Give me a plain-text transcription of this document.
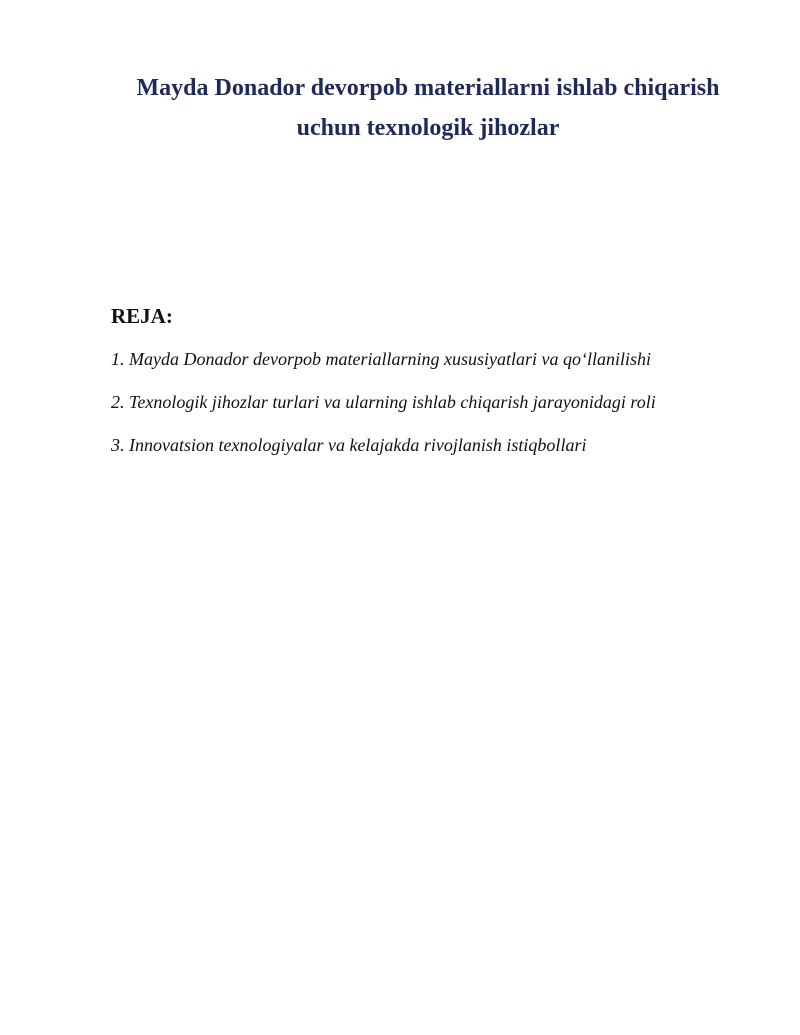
Mayda Donador devorpob materiallarni ishlab chiqarish
uchun texnologik jihozlar
REJA:
1. Mayda Donador devorpob materiallarning xususiyatlari va qo‘llanilishi
2. Texnologik jihozlar turlari va ularning ishlab chiqarish jarayonidagi roli
3. Innovatsion texnologiyalar va kelajakda rivojlanish istiqbollari
